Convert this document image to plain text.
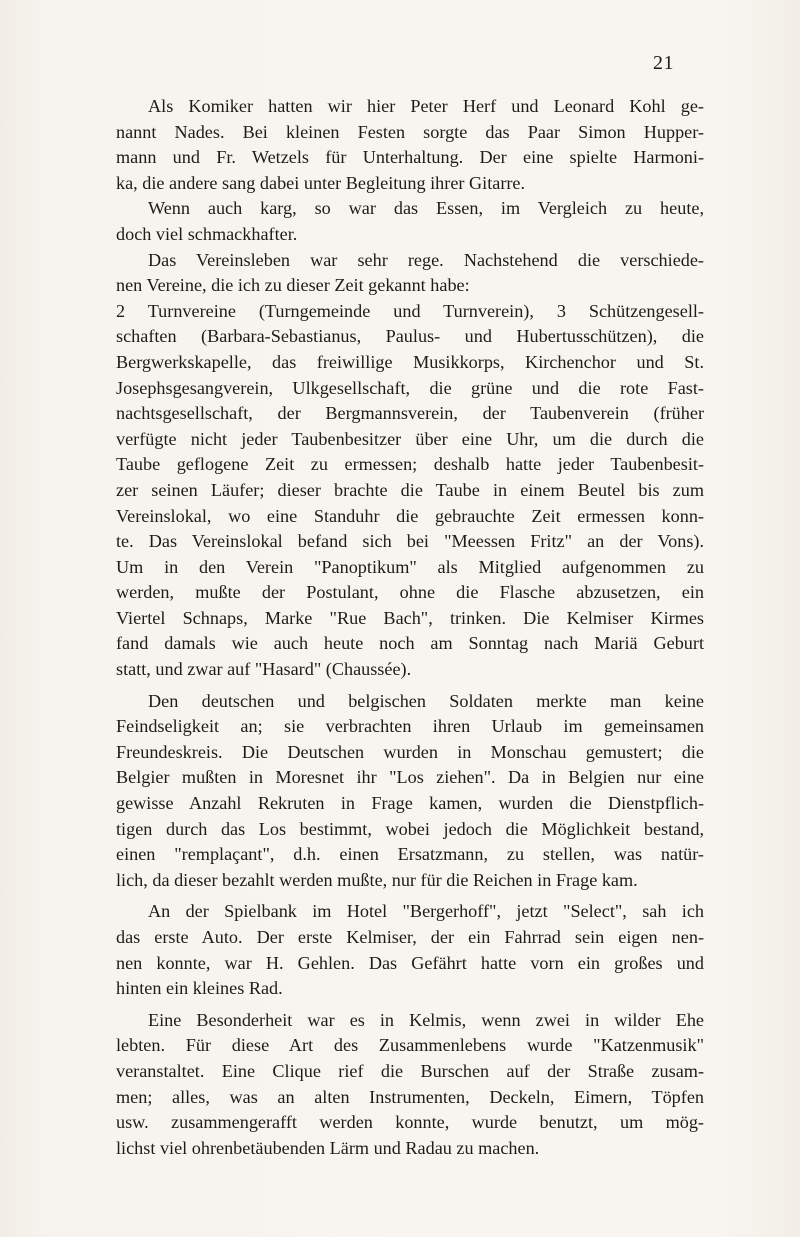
21
Als Komiker hatten wir hier Peter Herf und Leonard Kohl ge-
nannt Nades. Bei kleinen Festen sorgte das Paar Simon Hupper-
mann und Fr. Wetzels für Unterhaltung. Der eine spielte Harmoni-
ka, die andere sang dabei unter Begleitung ihrer Gitarre.
Wenn auch karg, so war das Essen, im Vergleich zu heute,
doch viel schmackhafter.
Das Vereinsleben war sehr rege. Nachstehend die verschiede-
nen Vereine, die ich zu dieser Zeit gekannt habe:
2 Turnvereine (Turngemeinde und Turnverein), 3 Schützengesell-
schaften (Barbara-Sebastianus, Paulus- und Hubertusschützen), die
Bergwerkskapelle, das freiwillige Musikkorps, Kirchenchor und St.
Josephsgesangverein, Ulkgesellschaft, die grüne und die rote Fast-
nachtsgesellschaft, der Bergmannsverein, der Taubenverein (früher
verfügte nicht jeder Taubenbesitzer über eine Uhr, um die durch die
Taube geflogene Zeit zu ermessen; deshalb hatte jeder Taubenbesit-
zer seinen Läufer; dieser brachte die Taube in einem Beutel bis zum
Vereinslokal, wo eine Standuhr die gebrauchte Zeit ermessen konn-
te. Das Vereinslokal befand sich bei "Meessen Fritz" an der Vons).
Um in den Verein "Panoptikum" als Mitglied aufgenommen zu
werden, mußte der Postulant, ohne die Flasche abzusetzen, ein
Viertel Schnaps, Marke "Rue Bach", trinken. Die Kelmiser Kirmes
fand damals wie auch heute noch am Sonntag nach Mariä Geburt
statt, und zwar auf "Hasard" (Chaussée).
Den deutschen und belgischen Soldaten merkte man keine
Feindseligkeit an; sie verbrachten ihren Urlaub im gemeinsamen
Freundeskreis. Die Deutschen wurden in Monschau gemustert; die
Belgier mußten in Moresnet ihr "Los ziehen". Da in Belgien nur eine
gewisse Anzahl Rekruten in Frage kamen, wurden die Dienstpflich-
tigen durch das Los bestimmt, wobei jedoch die Möglichkeit bestand,
einen "remplaçant", d.h. einen Ersatzmann, zu stellen, was natür-
lich, da dieser bezahlt werden mußte, nur für die Reichen in Frage kam.
An der Spielbank im Hotel "Bergerhoff", jetzt "Select", sah ich
das erste Auto. Der erste Kelmiser, der ein Fahrrad sein eigen nen-
nen konnte, war H. Gehlen. Das Gefährt hatte vorn ein großes und
hinten ein kleines Rad.
Eine Besonderheit war es in Kelmis, wenn zwei in wilder Ehe
lebten. Für diese Art des Zusammenlebens wurde "Katzenmusik"
veranstaltet. Eine Clique rief die Burschen auf der Straße zusam-
men; alles, was an alten Instrumenten, Deckeln, Eimern, Töpfen
usw. zusammengerafft werden konnte, wurde benutzt, um mög-
lichst viel ohrenbetäubenden Lärm und Radau zu machen.
